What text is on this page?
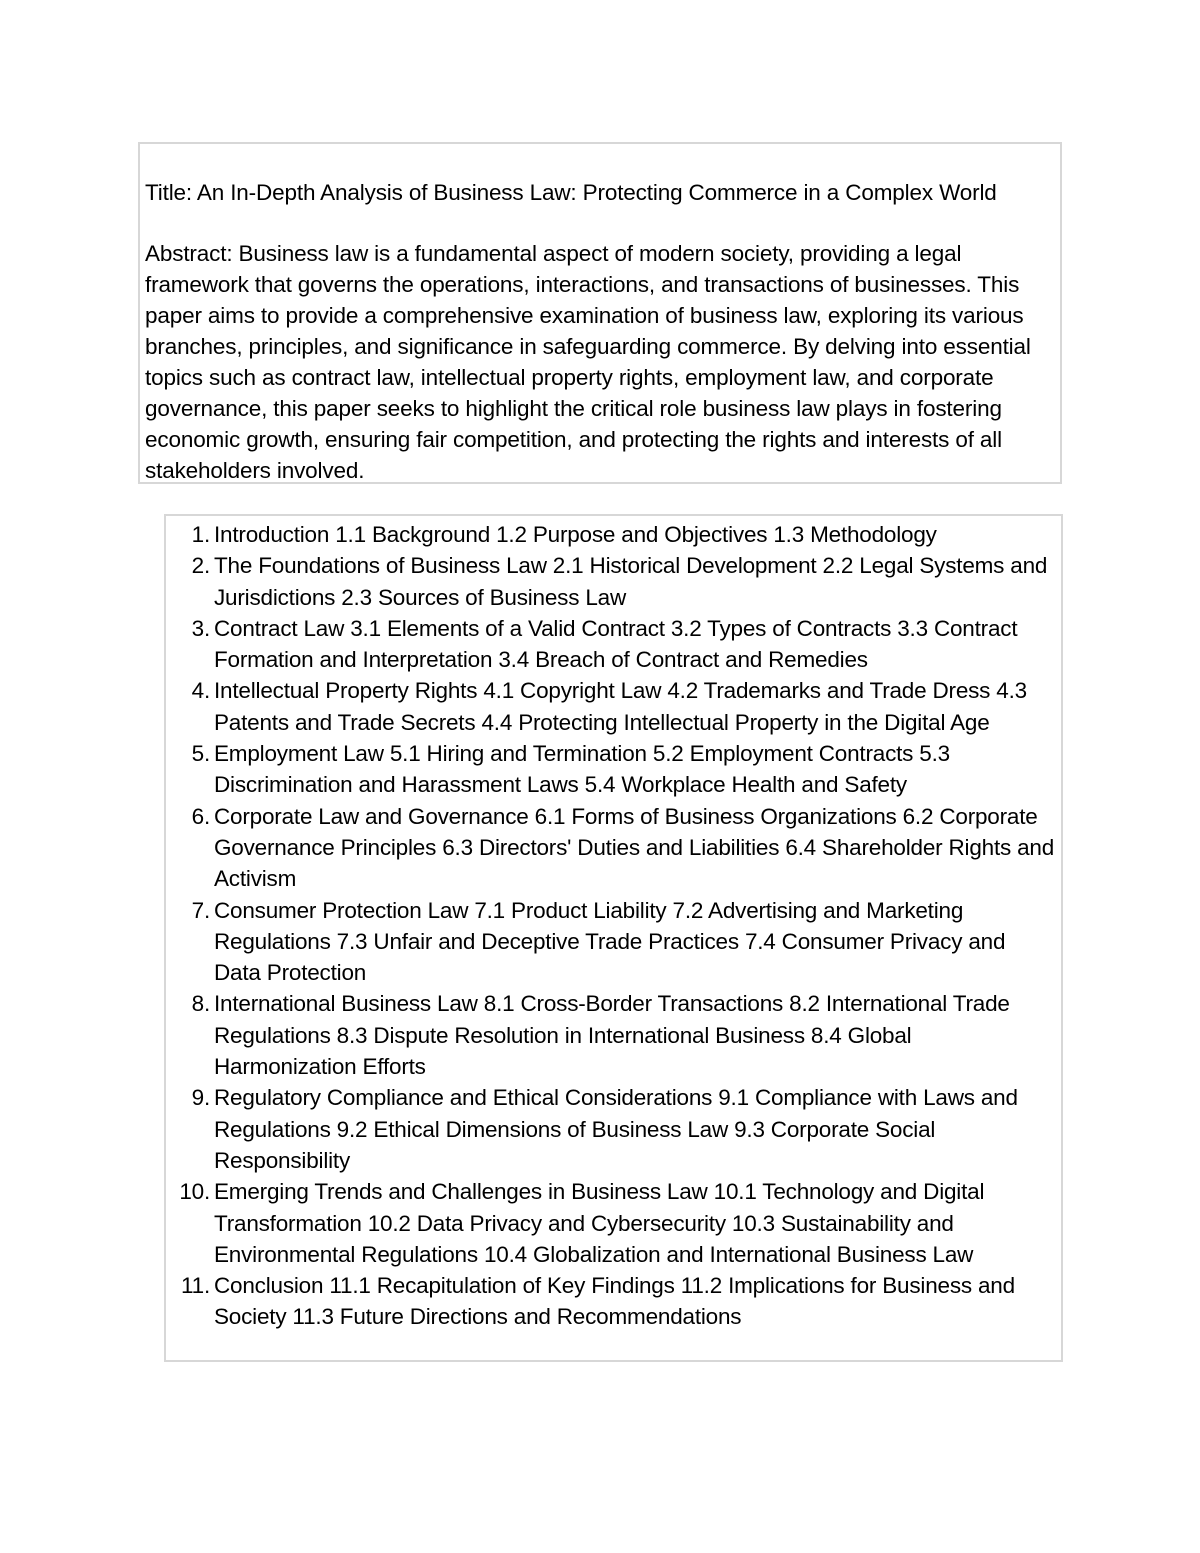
Title: An In-Depth Analysis of Business Law: Protecting Commerce in a Complex World

Abstract: Business law is a fundamental aspect of modern society, providing a legal framework that governs the operations, interactions, and transactions of businesses. This paper aims to provide a comprehensive examination of business law, exploring its various branches, principles, and significance in safeguarding commerce. By delving into essential topics such as contract law, intellectual property rights, employment law, and corporate governance, this paper seeks to highlight the critical role business law plays in fostering economic growth, ensuring fair competition, and protecting the rights and interests of all stakeholders involved.

1. Introduction 1.1 Background 1.2 Purpose and Objectives 1.3 Methodology
2. The Foundations of Business Law 2.1 Historical Development 2.2 Legal Systems and Jurisdictions 2.3 Sources of Business Law
3. Contract Law 3.1 Elements of a Valid Contract 3.2 Types of Contracts 3.3 Contract Formation and Interpretation 3.4 Breach of Contract and Remedies
4. Intellectual Property Rights 4.1 Copyright Law 4.2 Trademarks and Trade Dress 4.3 Patents and Trade Secrets 4.4 Protecting Intellectual Property in the Digital Age
5. Employment Law 5.1 Hiring and Termination 5.2 Employment Contracts 5.3 Discrimination and Harassment Laws 5.4 Workplace Health and Safety
6. Corporate Law and Governance 6.1 Forms of Business Organizations 6.2 Corporate Governance Principles 6.3 Directors' Duties and Liabilities 6.4 Shareholder Rights and Activism
7. Consumer Protection Law 7.1 Product Liability 7.2 Advertising and Marketing Regulations 7.3 Unfair and Deceptive Trade Practices 7.4 Consumer Privacy and Data Protection
8. International Business Law 8.1 Cross-Border Transactions 8.2 International Trade Regulations 8.3 Dispute Resolution in International Business 8.4 Global Harmonization Efforts
9. Regulatory Compliance and Ethical Considerations 9.1 Compliance with Laws and Regulations 9.2 Ethical Dimensions of Business Law 9.3 Corporate Social Responsibility
10. Emerging Trends and Challenges in Business Law 10.1 Technology and Digital Transformation 10.2 Data Privacy and Cybersecurity 10.3 Sustainability and Environmental Regulations 10.4 Globalization and International Business Law
11. Conclusion 11.1 Recapitulation of Key Findings 11.2 Implications for Business and Society 11.3 Future Directions and Recommendations
